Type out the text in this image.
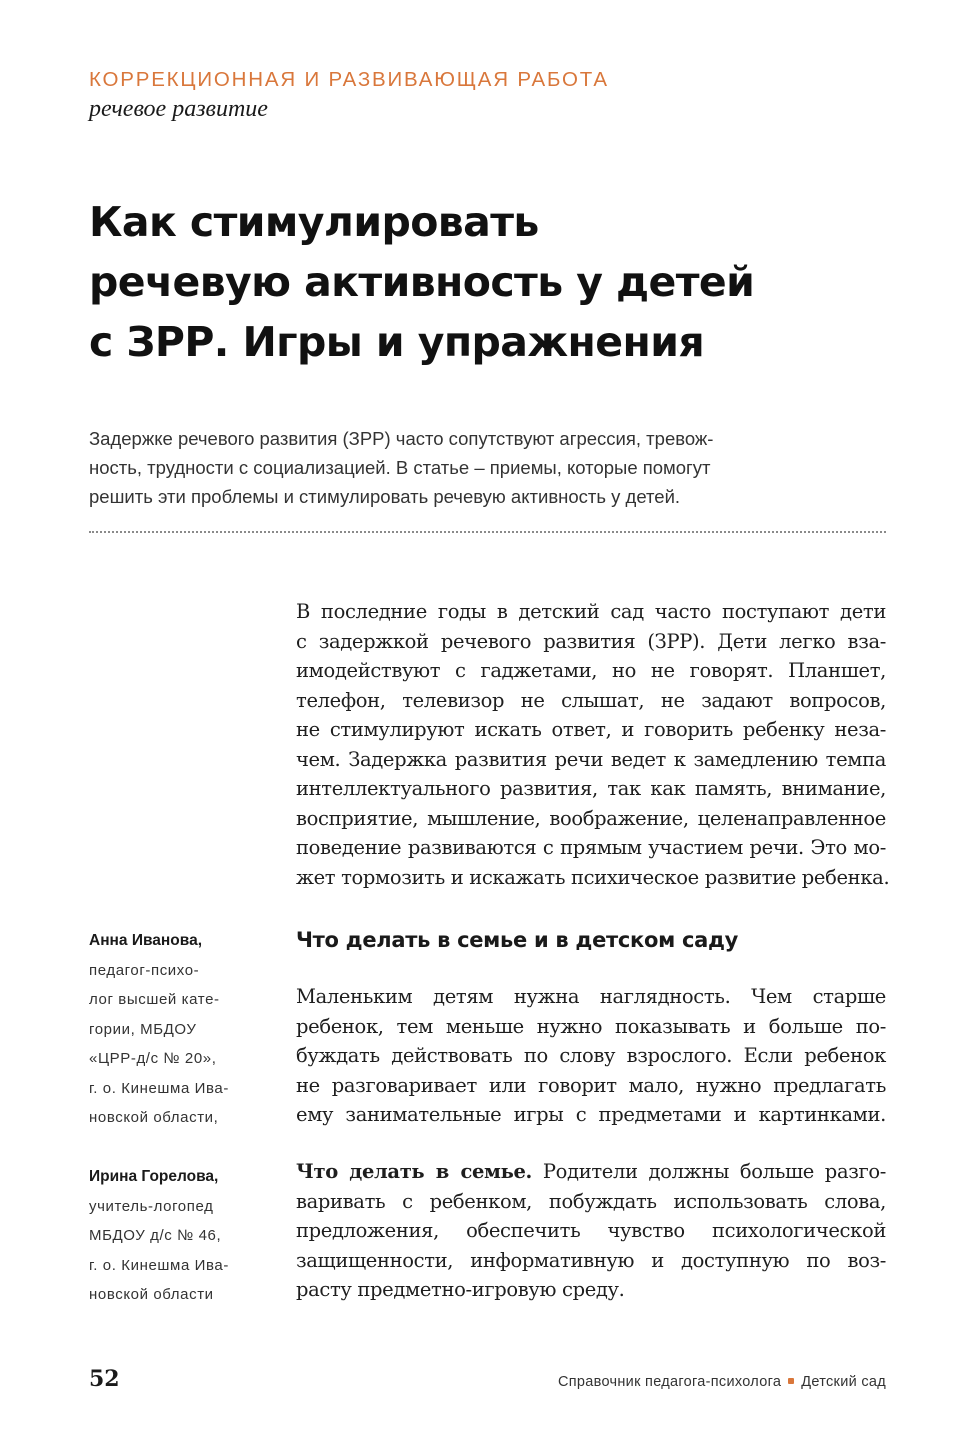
КОРРЕКЦИОННАЯ И РАЗВИВАЮЩАЯ РАБОТА
речевое развитие
Как стимулировать
речевую активность у детей
с ЗРР. Игры и упражнения
Задержке речевого развития (ЗРР) часто сопутствуют агрессия, тревож-
ность, трудности с социализацией. В статье – приемы, которые помогут
решить эти проблемы и стимулировать речевую активность у детей.
В последние годы в детский сад часто поступают дети
с задержкой речевого развития (ЗРР). Дети легко вза-
имодействуют с гаджетами, но не говорят. Планшет,
телефон, телевизор не слышат, не задают вопросов,
не стимулируют искать ответ, и говорить ребенку неза-
чем. Задержка развития речи ведет к замедлению темпа
интеллектуального развития, так как память, внимание,
восприятие, мышление, воображение, целенаправленное
поведение развиваются с прямым участием речи. Это мо-
жет тормозить и искажать психическое развитие ребенка.
Что делать в семье и в детском саду
Маленьким детям нужна наглядность. Чем старше
ребенок, тем меньше нужно показывать и больше по-
буждать действовать по слову взрослого. Если ребенок
не разговаривает или говорит мало, нужно предлагать
ему занимательные игры с предметами и картинками.
Что делать в семье. Родители должны больше разго-
варивать с ребенком, побуждать использовать слова,
предложения, обеспечить чувство психологической
защищенности, информативную и доступную по воз-
расту предметно-игровую среду.
Анна Иванова,
педагог-психо-
лог высшей кате-
гории, МБДОУ
«ЦРР-д/с № 20»,
г. о. Кинешма Ива-
новской области,
Ирина Горелова,
учитель-логопед
МБДОУ д/с № 46,
г. о. Кинешма Ива-
новской области
52	Справочник педагога-психолога Детский сад
